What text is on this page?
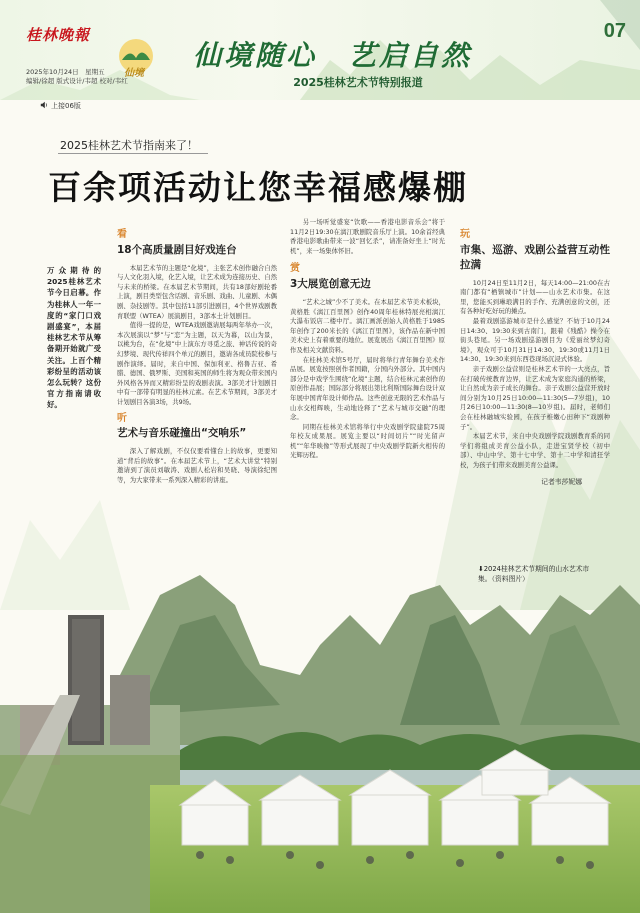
桂林晚報
2025年10月24日　星期五
编辑/徐超 版式设计/韦超 校对/韦红
仙境
仙境随心　艺启自然
2025桂林艺术节特别报道
07
上接06版
2025桂林艺术节指南来了！
百余项活动让您幸福感爆棚
万众期待的2025桂林艺术节今日启幕。作为桂林人一年一度的“家门口戏剧盛宴”，本届桂林艺术节从筹备期开始就广受关注。上百个精彩纷呈的活动该怎么玩转？这份官方指南请收好。
看
18个高质量剧目好戏连台

本届艺术节的主题是“化境”，主张艺术创作融合自然与人文化羽入境，化艺入境，让艺术成为连接历史、自然与未来的桥梁。在本届艺术节期间，共有18部好剧轮番上演，剧目类型包含话剧、音乐剧、戏曲、儿童剧、木偶剧、杂技剧等。其中包括11部引进剧目，4个世界戏剧教育联盟（WTEA）展演剧目，3部本土计划剧目。

值得一提的是，WTEA戏剧邀请展每两年举办一次，本次展演以“梦”与“恋”为主题，以天为幕，以山为景，以桃为台，在“化境”中上演东方寻觅之旅、神话传说的奇幻梦境、现代传祥四个单元的剧目，邀请各成员院校参与剧作演绎。届时，来自中国、保加利亚、格鲁吉亚、希腊、德国、俄罗斯、美国和英国的师生将为观众带来国内外风格各异而又精彩纷呈的戏剧表演。3部美才计划剧目中有一部带有明显的桂林元素。在艺术节期间，3部美才计划剧目各演3场，共9场。

听
艺术与音乐碰撞出“交响乐”

深入了解戏剧，不仅仅要看懂台上的故事，更要知道“背后的故事”。在本届艺术节上，“艺术大讲堂”特别邀请到了演员刘敏涛、戏剧人松岩和吴晓、导演徐纪图等，为大家带来一系列深入精彩的讲座。

另一场听觉盛宴“饮歌——香港电影音乐会”将于11月2日19:30在漓江歌剧院音乐厅上演。10余首经典香港电影歌曲带来一波“回忆杀”，请准备好坐上“时光机”，来一场集体怀旧。

赏
3大展览创意无边

“艺术之城”少不了美术。在本届艺术节美术板块，黄格胜《漓江百里图》创作40周年桂林特展亮相漓江大瀑布饭店二楼中厅。漓江画派创始人黄格胜于1985年创作了200米长的《漓江百里图》，该作品在新中国美术史上有着重要的地位。展览展出《漓江百里图》原作及相关文献资料。

在桂林美术馆5号厅，届时将举行青年舞台美术作品展。展览按照创作者国籍，分国内外部分。其中国内部分是中戏学生围绕“化境”主题，结合桂林元素创作的原创作品展；国际部分将展出第比利斯国际舞台设计双年展中国青年设计师作品。这些创意无限的艺术作品与山水交相辉映，生动地诠释了“艺术与城市交融”的理念。

同期在桂林美术馆将举行中央戏剧学院建院75周年校友成果展。展览主要以“时间切片”“时光留声机”“年华映像”等形式展现了中央戏剧学院新火相传的光辉历程。

玩
市集、巡游、戏剧公益营互动性拉满

10月24日至11月2日，每天14:00—21:00在古南门都有“栖镇城市”计划——山水艺术市集。在这里，您能买到琳琅满目的手作、充满创意的文创，还有各种好吃好玩的摊点。

最着戏剧巡游城市是什么感觉？不妨于10月24日14:30、19:30来到古南门，跟着《残酷》操今在街头巷尾。另一场戏剧巡游剧目为《爱丽丝梦幻奇境》，观众可于10月31日14:30、19:30或11月1日14:30、19:30来到东西巷现场沉浸式体验。

亲子戏剧公益营则是桂林艺术节的一大亮点，旨在打破传统教育边界，让艺术成为家庭沟通的桥梁，让自然成为亲子成长的舞台。亲子戏剧公益营开放时间分别为10月25日10:00—11:30(5—7岁组)，10月26日10:00—11:30(8—10岁组)。届时，老师们会在桂林融城实验园，在孩子椎嫩心田种下“戏剧种子”。

本届艺术节，来自中央戏剧学院戏剧教育系的同学们将组成美育公益小队，走进宝贤学校（初中部）、中山中学、第十七中学、第十二中学和清狂学校，为孩子们带来戏剧美育公益课。

记者韦莎妮娜
⬇2024桂林艺术节期间的山水艺术市集。（资料图片）
